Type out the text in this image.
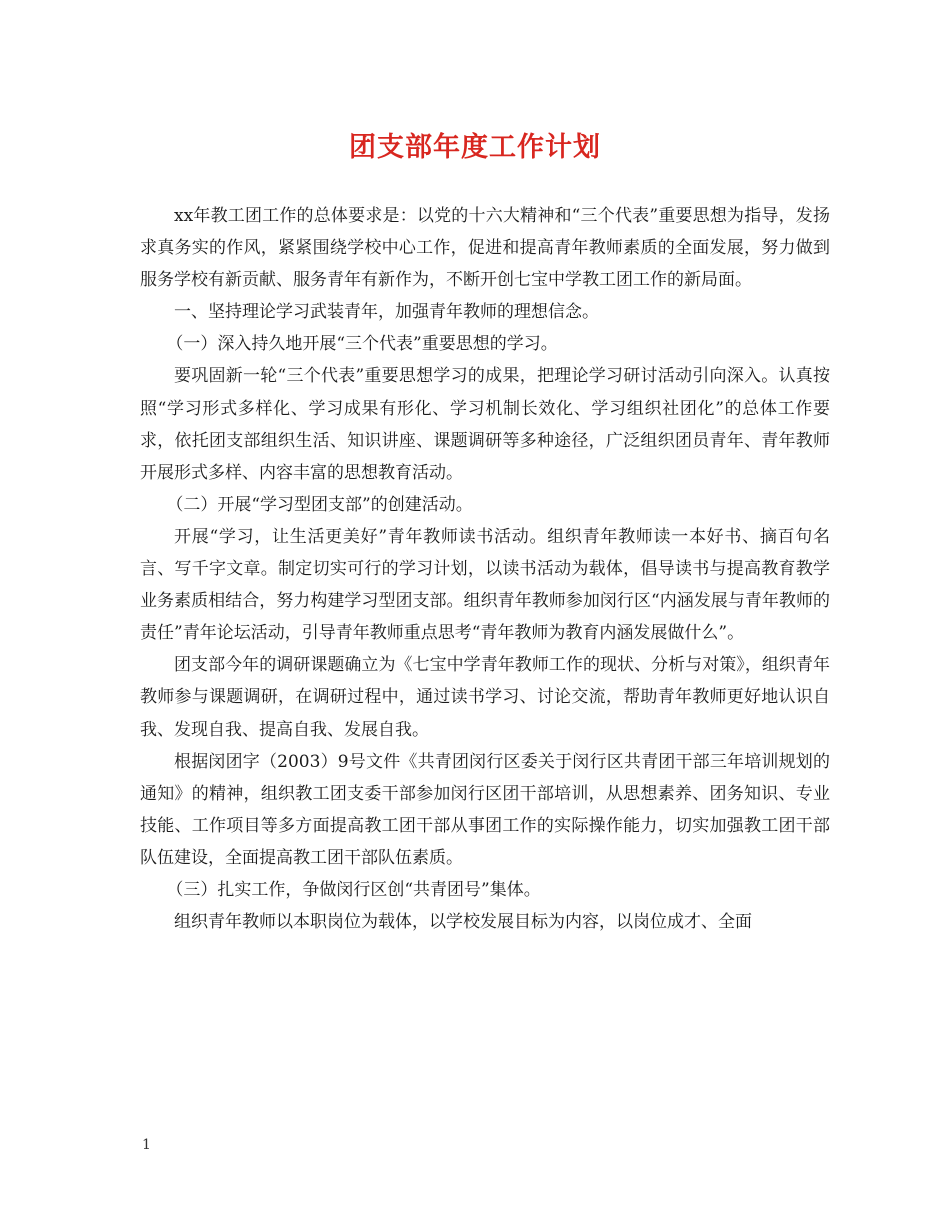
团支部年度工作计划

xx年教工团工作的总体要求是：以党的十六大精神和“三个代表”重要思想为指导，发扬求真务实的作风，紧紧围绕学校中心工作，促进和提高青年教师素质的全面发展，努力做到服务学校有新贡献、服务青年有新作为，不断开创七宝中学教工团工作的新局面。

一、坚持理论学习武装青年，加强青年教师的理想信念。

（一）深入持久地开展“三个代表”重要思想的学习。

要巩固新一轮“三个代表”重要思想学习的成果，把理论学习研讨活动引向深入。认真按照“学习形式多样化、学习成果有形化、学习机制长效化、学习组织社团化”的总体工作要求，依托团支部组织生活、知识讲座、课题调研等多种途径，广泛组织团员青年、青年教师开展形式多样、内容丰富的思想教育活动。

（二）开展“学习型团支部”的创建活动。

开展“学习，让生活更美好”青年教师读书活动。组织青年教师读一本好书、摘百句名言、写千字文章。制定切实可行的学习计划，以读书活动为载体，倡导读书与提高教育教学业务素质相结合，努力构建学习型团支部。组织青年教师参加闵行区“内涵发展与青年教师的责任”青年论坛活动，引导青年教师重点思考“青年教师为教育内涵发展做什么”。

团支部今年的调研课题确立为《七宝中学青年教师工作的现状、分析与对策》，组织青年教师参与课题调研，在调研过程中，通过读书学习、讨论交流，帮助青年教师更好地认识自我、发现自我、提高自我、发展自我。

根据闵团字（2003）9号文件《共青团闵行区委关于闵行区共青团干部三年培训规划的通知》的精神，组织教工团支委干部参加闵行区团干部培训，从思想素养、团务知识、专业技能、工作项目等多方面提高教工团干部从事团工作的实际操作能力，切实加强教工团干部队伍建设，全面提高教工团干部队伍素质。

（三）扎实工作，争做闵行区创“共青团号”集体。

组织青年教师以本职岗位为载体，以学校发展目标为内容，以岗位成才、全面

1
